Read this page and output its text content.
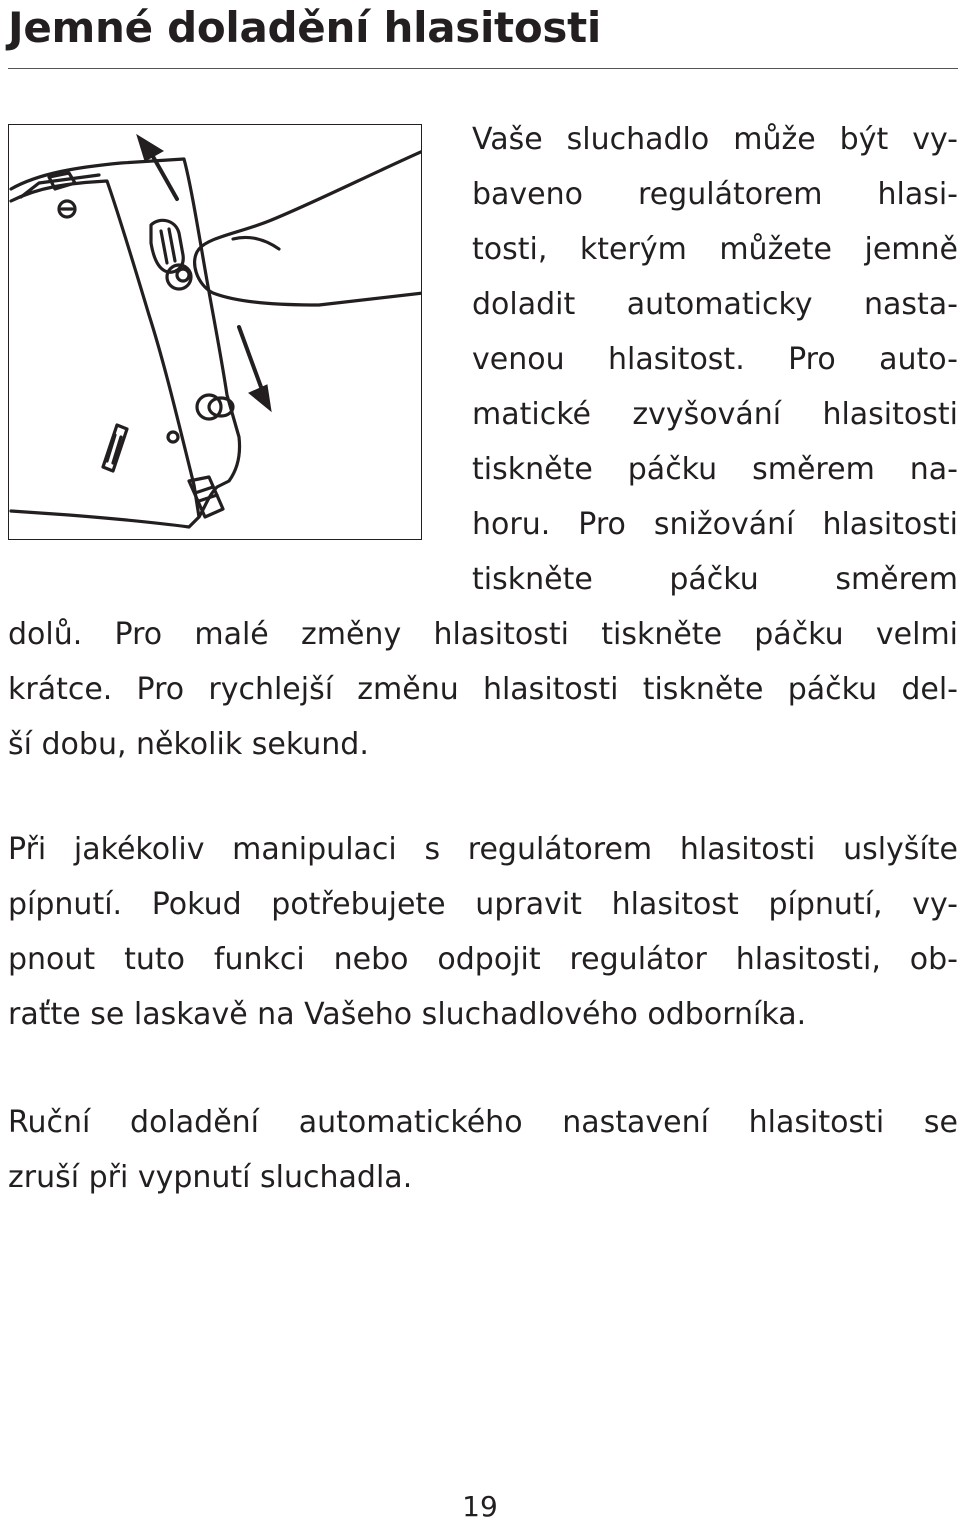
Jemné doladění hlasitosti
Vaše sluchadlo může být vy-
baveno regulátorem hlasi-
tosti, kterým můžete jemně
doladit automaticky nasta-
venou hlasitost. Pro auto-
matické zvyšování hlasitosti
tiskněte páčku směrem na-
horu. Pro snižování hlasitosti
tiskněte páčku směrem
dolů. Pro malé změny hlasitosti tiskněte páčku velmi
krátce. Pro rychlejší změnu hlasitosti tiskněte páčku del-
ší dobu, několik sekund.
Při jakékoliv manipulaci s regulátorem hlasitosti uslyšíte
pípnutí. Pokud potřebujete upravit hlasitost pípnutí, vy-
pnout tuto funkci nebo odpojit regulátor hlasitosti, ob-
raťte se laskavě na Vašeho sluchadlového odborníka.
Ruční doladění automatického nastavení hlasitosti se
zruší při vypnutí sluchadla.
19
